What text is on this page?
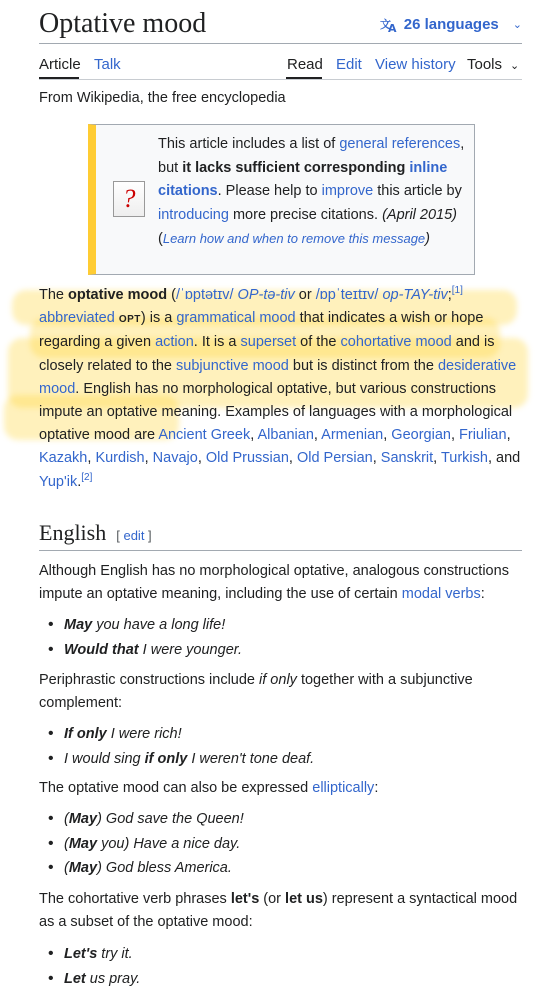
Optative mood	文
A 26 languages ⌄
Article Talk	Read Edit View history Tools ⌄
From Wikipedia, the free encyclopedia
?
This article includes a list of general references, but it lacks sufficient corresponding inline citations. Please help to improve this article by introducing more precise citations. (April 2015) (Learn how and when to remove this message)
The optative mood (/ˈɒptətɪv/ OP-tə-tiv or /ɒpˈteɪtɪv/ op-TAY-tiv;[1] abbreviated OPT) is a grammatical mood that indicates a wish or hope regarding a given action. It is a superset of the cohortative mood and is closely related to the subjunctive mood but is distinct from the desiderative mood. English has no morphological optative, but various constructions impute an optative meaning. Examples of languages with a morphological optative mood are Ancient Greek, Albanian, Armenian, Georgian, Friulian, Kazakh, Kurdish, Navajo, Old Prussian, Old Persian, Sanskrit, Turkish, and Yup'ik.[2]
English [ edit ]
Although English has no morphological optative, analogous constructions impute an optative meaning, including the use of certain modal verbs:
• May you have a long life!
• Would that I were younger.
Periphrastic constructions include if only together with a subjunctive complement:
• If only I were rich!
• I would sing if only I weren't tone deaf.
The optative mood can also be expressed elliptically:
• (May) God save the Queen!
• (May you) Have a nice day.
• (May) God bless America.
The cohortative verb phrases let's (or let us) represent a syntactical mood as a subset of the optative mood:
• Let's try it.
• Let us pray.
